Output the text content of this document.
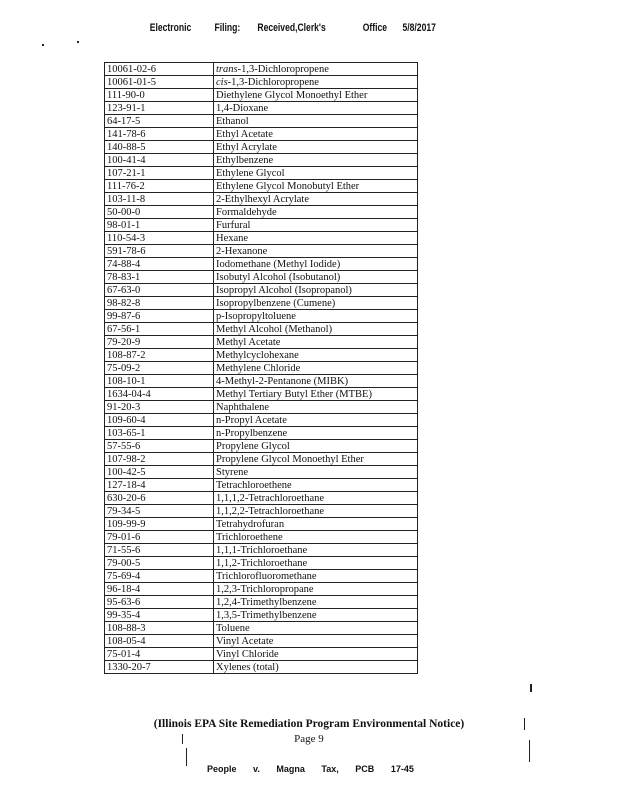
Electronic Filing: Received,Clerk's	Office 5/8/2017
10061-02-6	trans-1,3-Dichloropropene
10061-01-5	cis-1,3-Dichloropropene
111-90-0	Diethylene Glycol Monoethyl Ether
123-91-1	1,4-Dioxane
64-17-5	Ethanol
141-78-6	Ethyl Acetate
140-88-5	Ethyl Acrylate
100-41-4	Ethylbenzene
107-21-1	Ethylene Glycol
111-76-2	Ethylene Glycol Monobutyl Ether
103-11-8	2-Ethylhexyl Acrylate
50-00-0	Formaldehyde
98-01-1	Furfural
110-54-3	Hexane
591-78-6	2-Hexanone
74-88-4	Iodomethane (Methyl Iodide)
78-83-1	Isobutyl Alcohol (Isobutanol)
67-63-0	Isopropyl Alcohol (Isopropanol)
98-82-8	Isopropylbenzene (Cumene)
99-87-6	p-Isopropyltoluene
67-56-1	Methyl Alcohol (Methanol)
79-20-9	Methyl Acetate
108-87-2	Methylcyclohexane
75-09-2	Methylene Chloride
108-10-1	4-Methyl-2-Pentanone (MIBK)
1634-04-4	Methyl Tertiary Butyl Ether (MTBE)
91-20-3	Naphthalene
109-60-4	n-Propyl Acetate
103-65-1	n-Propylbenzene
57-55-6	Propylene Glycol
107-98-2	Propylene Glycol Monoethyl Ether
100-42-5	Styrene
127-18-4	Tetrachloroethene
630-20-6	1,1,1,2-Tetrachloroethane
79-34-5	1,1,2,2-Tetrachloroethane
109-99-9	Tetrahydrofuran
79-01-6	Trichloroethene
71-55-6	1,1,1-Trichloroethane
79-00-5	1,1,2-Trichloroethane
75-69-4	Trichlorofluoromethane
96-18-4	1,2,3-Trichloropropane
95-63-6	1,2,4-Trimethylbenzene
99-35-4	1,3,5-Trimethylbenzene
108-88-3	Toluene
108-05-4	Vinyl Acetate
75-01-4	Vinyl Chloride
1330-20-7	Xylenes (total)
(Illinois EPA Site Remediation Program Environmental Notice)
Page 9
People v. Magna Tax, PCB 17-45
